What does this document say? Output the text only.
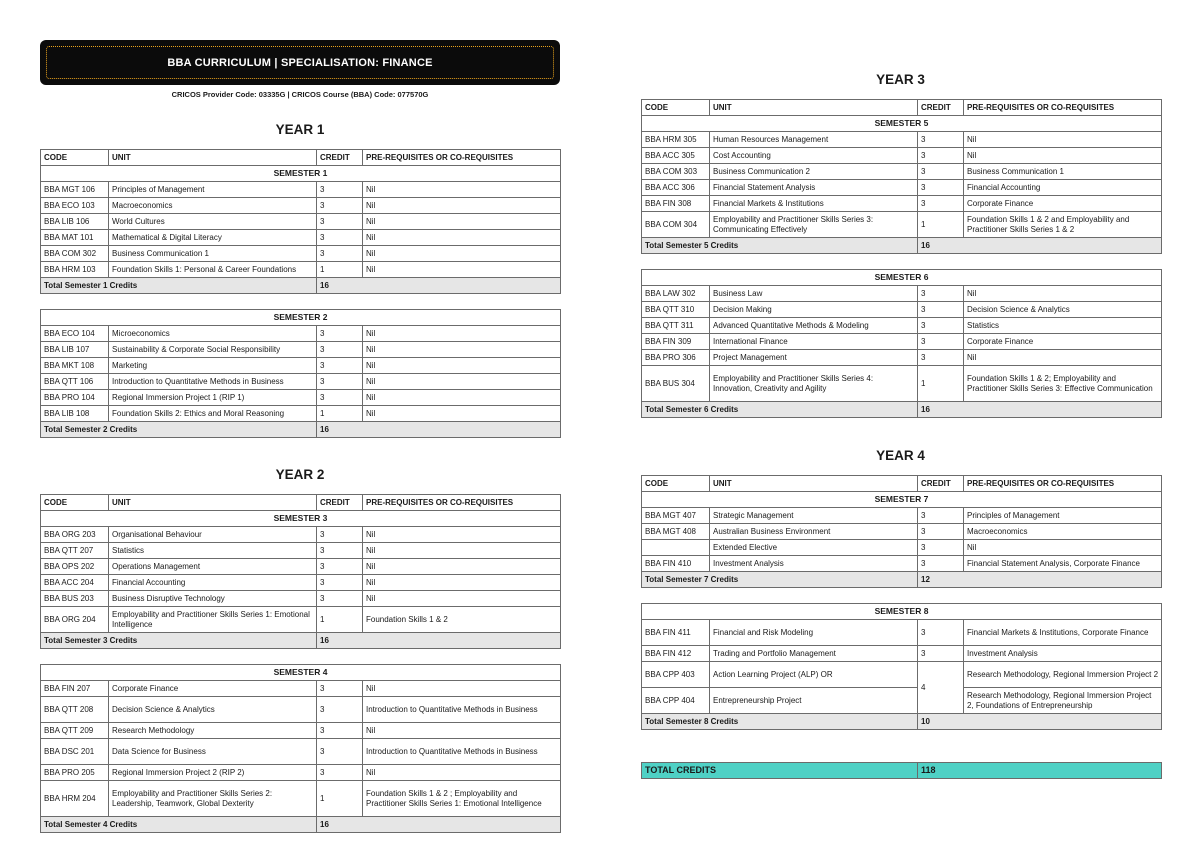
BBA CURRICULUM | SPECIALISATION: FINANCE
CRICOS Provider Code: 03335G | CRICOS Course (BBA) Code: 077570G
YEAR 1
CODE	UNIT	CREDIT	PRE-REQUISITES OR CO-REQUISITES
SEMESTER 1			
BBA MGT 106	Principles of Management	3	Nil
BBA ECO 103	Macroeconomics	3	Nil
BBA LIB 106	World Cultures	3	Nil
BBA MAT 101	Mathematical & Digital Literacy	3	Nil
BBA COM 302	Business Communication 1	3	Nil
BBA HRM 103	Foundation Skills 1: Personal & Career Foundations	1	Nil
Total Semester 1 Credits		16	
SEMESTER 2			
BBA ECO 104	Microeconomics	3	Nil
BBA LIB 107	Sustainability & Corporate Social Responsibility	3	Nil
BBA MKT 108	Marketing	3	Nil
BBA QTT 106	Introduction to Quantitative Methods in Business	3	Nil
BBA PRO 104	Regional Immersion Project 1 (RIP 1)	3	Nil
BBA LIB 108	Foundation Skills 2: Ethics and Moral Reasoning	1	Nil
Total Semester 2 Credits		16	
YEAR 2
CODE	UNIT	CREDIT	PRE-REQUISITES OR CO-REQUISITES
SEMESTER 3			
BBA ORG 203	Organisational Behaviour	3	Nil
BBA QTT 207	Statistics	3	Nil
BBA OPS 202	Operations Management	3	Nil
BBA ACC 204	Financial Accounting	3	Nil
BBA BUS 203	Business Disruptive Technology	3	Nil
BBA ORG 204	Employability and Practitioner Skills Series 1: Emotional Intelligence	1	Foundation Skills 1 & 2
Total Semester 3 Credits		16	
SEMESTER 4			
BBA FIN 207	Corporate Finance	3	Nil
BBA QTT 208	Decision Science & Analytics	3	Introduction to Quantitative Methods in Business
BBA QTT 209	Research Methodology	3	Nil
BBA DSC 201	Data Science for Business	3	Introduction to Quantitative Methods in Business
BBA PRO 205	Regional Immersion Project 2 (RIP 2)	3	Nil
BBA HRM 204	Employability and Practitioner Skills Series 2: Leadership, Teamwork, Global Dexterity	1	Foundation Skills 1 & 2 ; Employability and Practitioner Skills Series 1: Emotional Intelligence
Total Semester 4 Credits		16	
YEAR 3
CODE	UNIT	CREDIT	PRE-REQUISITES OR CO-REQUISITES
SEMESTER 5			
BBA HRM 305	Human Resources Management	3	Nil
BBA ACC 305	Cost Accounting	3	Nil
BBA COM 303	Business Communication 2	3	Business Communication 1
BBA ACC 306	Financial Statement Analysis	3	Financial Accounting
BBA FIN 308	Financial Markets & Institutions	3	Corporate Finance
BBA COM 304	Employability and Practitioner Skills Series 3: Communicating Effectively	1	Foundation Skills 1 & 2 and Employability and Practitioner Skills Series 1 & 2
Total Semester 5 Credits		16	
SEMESTER 6			
BBA LAW 302	Business Law	3	Nil
BBA QTT 310	Decision Making	3	Decision Science & Analytics
BBA QTT 311	Advanced Quantitative Methods & Modeling	3	Statistics
BBA FIN 309	International Finance	3	Corporate Finance
BBA PRO 306	Project Management	3	Nil
BBA BUS 304	Employability and Practitioner Skills Series 4: Innovation, Creativity and Agility	1	Foundation Skills 1 & 2; Employability and Practitioner Skills Series 3: Effective Communication
Total Semester 6 Credits		16	
YEAR 4
CODE	UNIT	CREDIT	PRE-REQUISITES OR CO-REQUISITES
SEMESTER 7			
BBA MGT 407	Strategic Management	3	Principles of Management
BBA MGT 408	Australian Business Environment	3	Macroeconomics
	Extended Elective	3	Nil
BBA FIN 410	Investment Analysis	3	Financial Statement Analysis, Corporate Finance
Total Semester 7 Credits		12	
SEMESTER 8			
BBA FIN 411	Financial and Risk Modeling	3	Financial Markets & Institutions, Corporate Finance
BBA FIN 412	Trading and Portfolio Management	3	Investment Analysis
BBA CPP 403	Action Learning Project (ALP) OR	4	Research Methodology, Regional Immersion Project 2
BBA CPP 404	Entrepreneurship Project		Research Methodology, Regional Immersion Project 2, Foundations of Entrepreneurship
Total Semester 8 Credits		10	
TOTAL CREDITS	118
